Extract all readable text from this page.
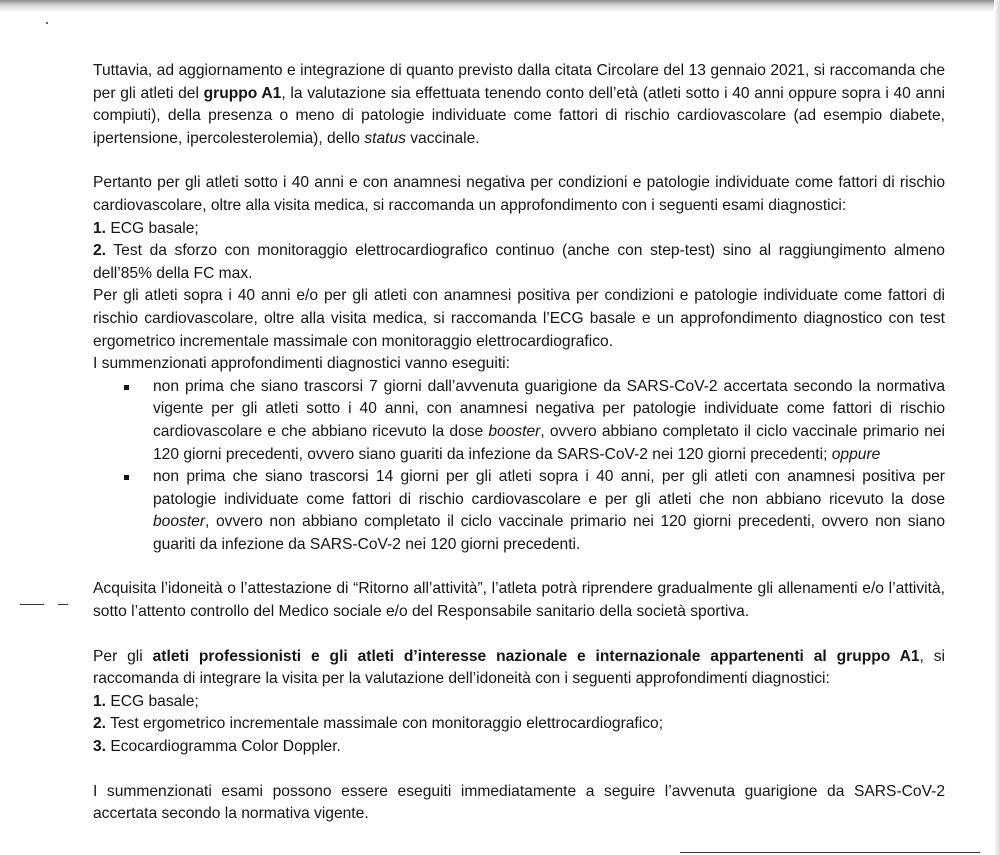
Tuttavia, ad aggiornamento e integrazione di quanto previsto dalla citata Circolare del 13 gennaio 2021, si raccomanda che per gli atleti del gruppo A1, la valutazione sia effettuata tenendo conto dell’età (atleti sotto i 40 anni oppure sopra i 40 anni compiuti), della presenza o meno di patologie individuate come fattori di rischio cardiovascolare (ad esempio diabete, ipertensione, ipercolesterolemia), dello status vaccinale.

Pertanto per gli atleti sotto i 40 anni e con anamnesi negativa per condizioni e patologie individuate come fattori di rischio cardiovascolare, oltre alla visita medica, si raccomanda un approfondimento con i seguenti esami diagnostici:

1. ECG basale;

2. Test da sforzo con monitoraggio elettrocardiografico continuo (anche con step-test) sino al raggiungimento almeno dell’85% della FC max.

Per gli atleti sopra i 40 anni e/o per gli atleti con anamnesi positiva per condizioni e patologie individuate come fattori di rischio cardiovascolare, oltre alla visita medica, si raccomanda l’ECG basale e un approfondimento diagnostico con test ergometrico incrementale massimale con monitoraggio elettrocardiografico.

I summenzionati approfondimenti diagnostici vanno eseguiti:

non prima che siano trascorsi 7 giorni dall’avvenuta guarigione da SARS-CoV-2 accertata secondo la normativa vigente per gli atleti sotto i 40 anni, con anamnesi negativa per patologie individuate come fattori di rischio cardiovascolare e che abbiano ricevuto la dose booster, ovvero abbiano completato il ciclo vaccinale primario nei 120 giorni precedenti, ovvero siano guariti da infezione da SARS-CoV-2 nei 120 giorni precedenti; oppure
non prima che siano trascorsi 14 giorni per gli atleti sopra i 40 anni, per gli atleti con anamnesi positiva per patologie individuate come fattori di rischio cardiovascolare e per gli atleti che non abbiano ricevuto la dose booster, ovvero non abbiano completato il ciclo vaccinale primario nei 120 giorni precedenti, ovvero non siano guariti da infezione da SARS-CoV-2 nei 120 giorni precedenti.

Acquisita l’idoneità o l’attestazione di “Ritorno all’attività”, l’atleta potrà riprendere gradualmente gli allenamenti e/o l’attività, sotto l’attento controllo del Medico sociale e/o del Responsabile sanitario della società sportiva.

Per gli atleti professionisti e gli atleti d’interesse nazionale e internazionale appartenenti al gruppo A1, si raccomanda di integrare la visita per la valutazione dell’idoneità con i seguenti approfondimenti diagnostici:

1. ECG basale;

2. Test ergometrico incrementale massimale con monitoraggio elettrocardiografico;

3. Ecocardiogramma Color Doppler.

I summenzionati esami possono essere eseguiti immediatamente a seguire l’avvenuta guarigione da SARS-CoV-2 accertata secondo la normativa vigente.
